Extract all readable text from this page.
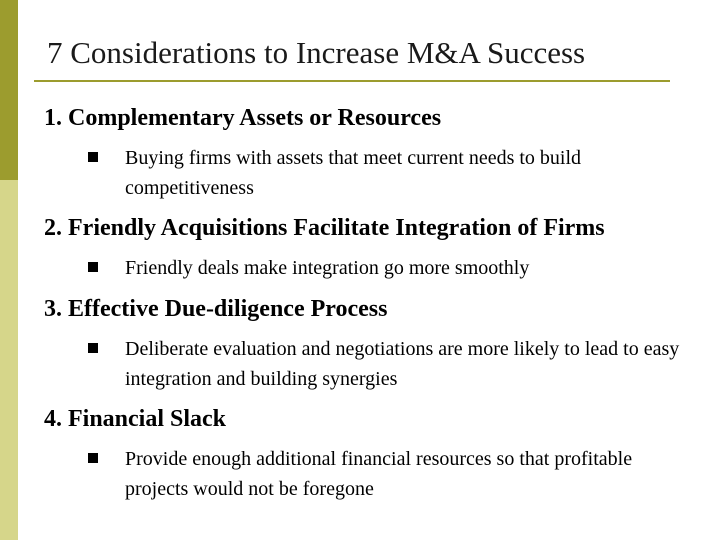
7 Considerations to Increase M&A Success
1. Complementary Assets or Resources
Buying firms with assets that meet current needs to build competitiveness
2. Friendly Acquisitions Facilitate Integration of Firms
Friendly deals make integration go more smoothly
3. Effective Due-diligence Process
Deliberate evaluation and negotiations are more likely to lead to easy integration and building synergies
4. Financial Slack
Provide enough additional financial resources so that profitable projects would not be foregone
